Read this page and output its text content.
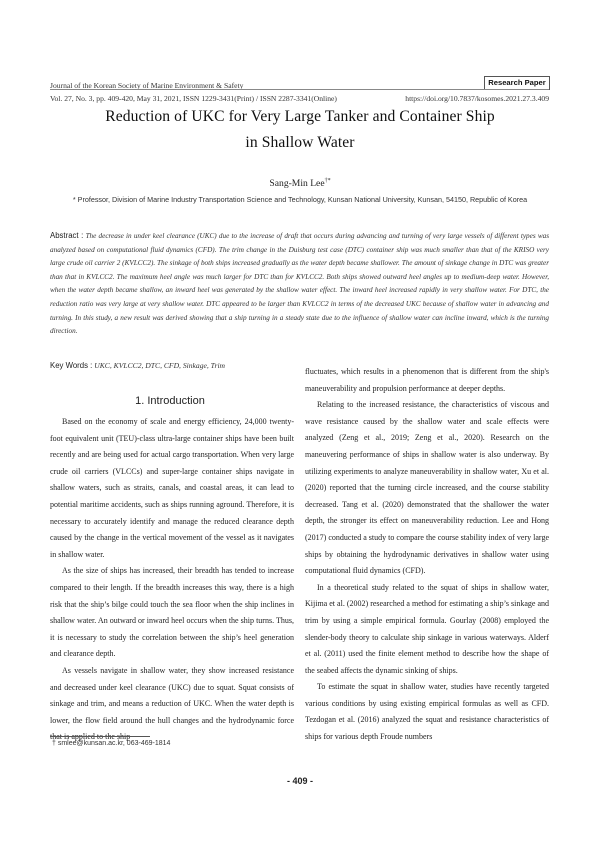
Journal of the Korean Society of Marine Environment & Safety	Research Paper
Vol. 27, No. 3, pp. 409-420, May 31, 2021, ISSN 1229-3431(Print) / ISSN 2287-3341(Online)	https://doi.org/10.7837/kosomes.2021.27.3.409
Reduction of UKC for Very Large Tanker and Container Ship
in Shallow Water
Sang-Min Lee†*
* Professor, Division of Marine Industry Transportation Science and Technology, Kunsan National University, Kunsan, 54150, Republic of Korea
Abstract : The decrease in under keel clearance (UKC) due to the increase of draft that occurs during advancing and turning of very large vessels of different types was analyzed based on computational fluid dynamics (CFD). The trim change in the Duisburg test case (DTC) container ship was much smaller than that of the KRISO very large crude oil carrier 2 (KVLCC2). The sinkage of both ships increased gradually as the water depth became shallower. The amount of sinkage change in DTC was greater than that in KVLCC2. The maximum heel angle was much larger for DTC than for KVLCC2. Both ships showed outward heel angles up to medium-deep water. However, when the water depth became shallow, an inward heel was generated by the shallow water effect. The inward heel increased rapidly in very shallow water. For DTC, the reduction ratio was very large at very shallow water. DTC appeared to be larger than KVLCC2 in terms of the decreased UKC because of shallow water in advancing and turning. In this study, a new result was derived showing that a ship turning in a steady state due to the influence of shallow water can incline inward, which is the turning direction.
Key Words : UKC, KVLCC2, DTC, CFD, Sinkage, Trim
1. Introduction

Based on the economy of scale and energy efficiency, 24,000 twenty-foot equivalent unit (TEU)-class ultra-large container ships have been built recently and are being used for actual cargo transportation. When very large crude oil carriers (VLCCs) and super-large container ships navigate in shallow waters, such as straits, canals, and coastal areas, it can lead to potential maritime accidents, such as ships running aground. Therefore, it is necessary to accurately identify and manage the reduced clearance depth caused by the change in the vertical movement of the vessel as it navigates in shallow water.

As the size of ships has increased, their breadth has tended to increase compared to their length. If the breadth increases this way, there is a high risk that the ship’s bilge could touch the sea floor when the ship inclines in shallow water. An outward or inward heel occurs when the ship turns. Thus, it is necessary to study the correlation between the ship’s heel generation and clearance depth.

As vessels navigate in shallow water, they show increased resistance and decreased under keel clearance (UKC) due to squat. Squat consists of sinkage and trim, and means a reduction of UKC. When the water depth is lower, the flow field around the hull changes and the hydrodynamic force that is applied to the ship

fluctuates, which results in a phenomenon that is different from the ship's maneuverability and propulsion performance at deeper depths.

Relating to the increased resistance, the characteristics of viscous and wave resistance caused by the shallow water and scale effects were analyzed (Zeng et al., 2019; Zeng et al., 2020). Research on the maneuvering performance of ships in shallow water is also underway. By utilizing experiments to analyze maneuverability in shallow water, Xu et al. (2020) reported that the turning circle increased, and the course stability decreased. Tang et al. (2020) demonstrated that the shallower the water depth, the stronger its effect on maneuverability reduction. Lee and Hong (2017) conducted a study to compare the course stability index of very large ships by obtaining the hydrodynamic derivatives in shallow water using computational fluid dynamics (CFD).

In a theoretical study related to the squat of ships in shallow water, Kijima et al. (2002) researched a method for estimating a ship’s sinkage and trim by using a simple empirical formula. Gourlay (2008) employed the slender-body theory to calculate ship sinkage in various waterways. Alderf et al. (2011) used the finite element method to describe how the shape of the seabed affects the dynamic sinking of ships.

To estimate the squat in shallow water, studies have recently targeted various conditions by using existing empirical formulas as well as CFD. Tezdogan et al. (2016) analyzed the squat and resistance characteristics of ships for various depth Froude numbers

† smlee@kunsan.ac.kr, 063-469-1814
- 409 -
